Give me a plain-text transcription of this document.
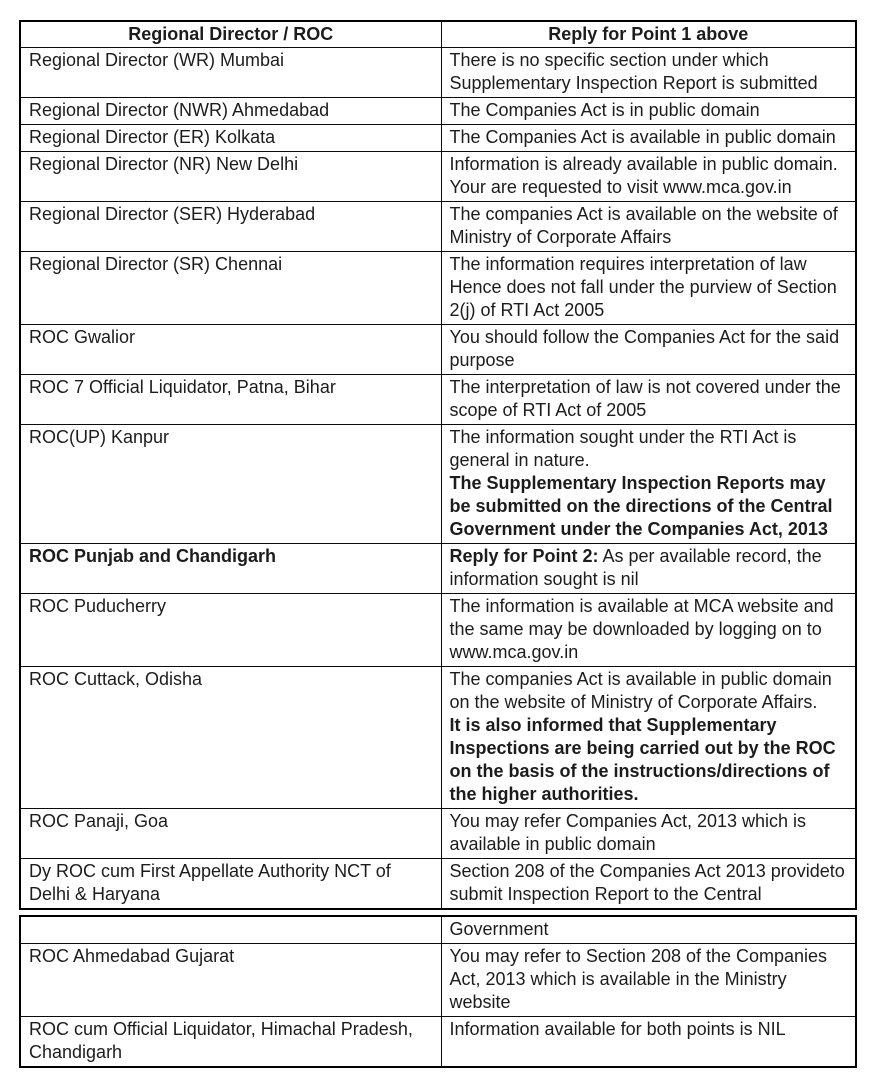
Regional Director / ROC	Reply for Point 1 above
Regional Director (WR) Mumbai	There is no specific section under which Supplementary Inspection Report is submitted

Regional Director (NWR) Ahmedabad	The Companies Act is in public domain

Regional Director (ER) Kolkata	The Companies Act is available in public domain

Regional Director (NR) New Delhi	Information is already available in public domain. Your are requested to visit www.mca.gov.in

Regional Director (SER) Hyderabad	The companies Act is available on the website of Ministry of Corporate Affairs

Regional Director (SR) Chennai	The information requires interpretation of law Hence does not fall under the purview of Section 2(j) of RTI Act 2005

ROC Gwalior	You should follow the Companies Act for the said purpose

ROC 7 Official Liquidator, Patna, Bihar	The interpretation of law is not covered under the scope of RTI Act of 2005

ROC(UP) Kanpur	The information sought under the RTI Act is general in nature.
The Supplementary Inspection Reports may be submitted on the directions of the Central Government under the Companies Act, 2013

ROC Punjab and Chandigarh	Reply for Point 2: As per available record, the information sought is nil

ROC Puducherry	The information is available at MCA website and the same may be downloaded by logging on to www.mca.gov.in

ROC Cuttack, Odisha	The companies Act is available in public domain on the website of Ministry of Corporate Affairs.
It is also informed that Supplementary Inspections are being carried out by the ROC on the basis of the instructions/directions of the higher authorities.

ROC Panaji, Goa	You may refer Companies Act, 2013 which is available in public domain

Dy ROC cum First Appellate Authority NCT of Delhi & Haryana	Section 208 of the Companies Act 2013 provideto submit Inspection Report to the Central

	Government

ROC Ahmedabad Gujarat	You may refer to Section 208 of the Companies Act, 2013 which is available in the Ministry website

ROC cum Official Liquidator, Himachal Pradesh, Chandigarh	Information available for both points is NIL
